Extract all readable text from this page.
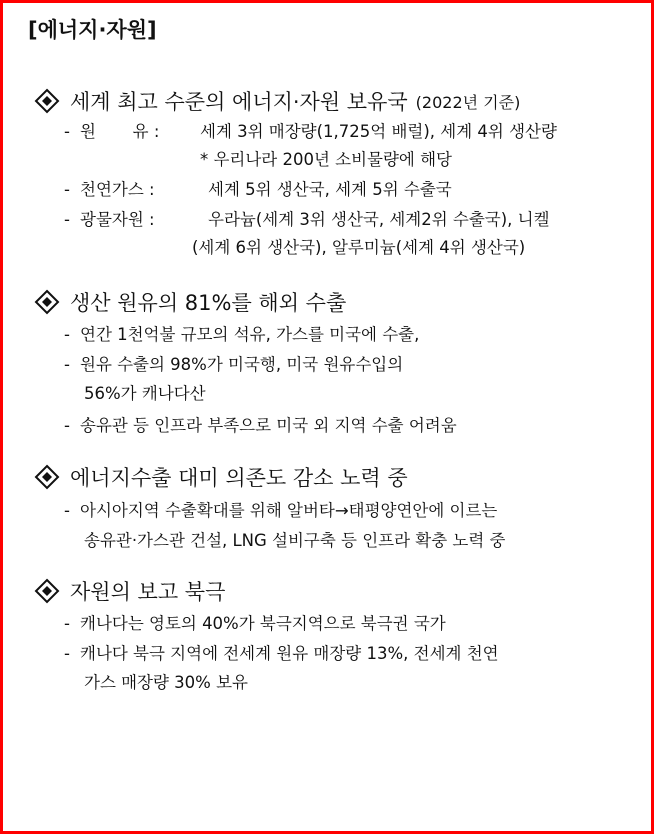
[에너지·자원]
세계 최고 수준의 에너지·자원 보유국 (2022년 기준)
- 원       유 : 세계 3위 매장량(1,725억 배럴), 세계 4위 생산량
* 우리나라 200년 소비물량에 해당
- 천연가스 :	세계 5위 생산국, 세계 5위 수출국
- 광물자원 :	우라늄(세계 3위 생산국, 세계2위 수출국), 니켈
(세계 6위 생산국), 알루미늄(세계 4위 생산국)
생산 원유의 81%를 해외 수출
- 연간 1천억불 규모의 석유, 가스를 미국에 수출,
- 원유 수출의 98%가 미국행, 미국 원유수입의
56%가 캐나다산
- 송유관 등 인프라 부족으로 미국 외 지역 수출 어려움
에너지수출 대미 의존도 감소 노력 중
- 아시아지역 수출확대를 위해 알버타→태평양연안에 이르는
송유관·가스관 건설, LNG 설비구축 등 인프라 확충 노력 중
자원의 보고 북극
- 캐나다는 영토의 40%가 북극지역으로 북극권 국가
- 캐나다 북극 지역에 전세계 원유 매장량 13%, 전세계 천연
가스 매장량 30% 보유
